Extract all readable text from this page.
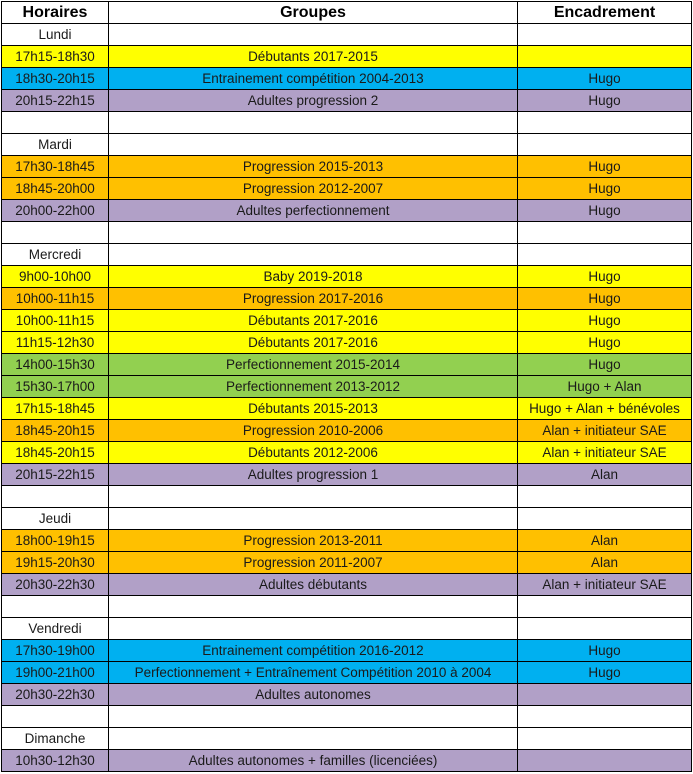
Horaires	Groupes	Encadrement
Lundi		
17h15-18h30	Débutants 2017-2015	
18h30-20h15	Entrainement compétition 2004-2013	Hugo
20h15-22h15	Adultes progression 2	Hugo

Mardi		
17h30-18h45	Progression 2015-2013	Hugo
18h45-20h00	Progression 2012-2007	Hugo
20h00-22h00	Adultes perfectionnement	Hugo

Mercredi		
9h00-10h00	Baby 2019-2018	Hugo
10h00-11h15	Progression 2017-2016	Hugo
10h00-11h15	Débutants 2017-2016	Hugo
11h15-12h30	Débutants 2017-2016	Hugo
14h00-15h30	Perfectionnement 2015-2014	Hugo
15h30-17h00	Perfectionnement 2013-2012	Hugo + Alan
17h15-18h45	Débutants 2015-2013	Hugo + Alan + bénévoles
18h45-20h15	Progression 2010-2006	Alan + initiateur SAE
18h45-20h15	Débutants 2012-2006	Alan + initiateur SAE
20h15-22h15	Adultes progression 1	Alan

Jeudi		
18h00-19h15	Progression 2013-2011	Alan
19h15-20h30	Progression 2011-2007	Alan
20h30-22h30	Adultes débutants	Alan + initiateur SAE

Vendredi		
17h30-19h00	Entrainement compétition 2016-2012	Hugo
19h00-21h00	Perfectionnement + Entraînement Compétition 2010 à 2004	Hugo
20h30-22h30	Adultes autonomes	

Dimanche		
10h30-12h30	Adultes autonomes + familles (licenciées)	
